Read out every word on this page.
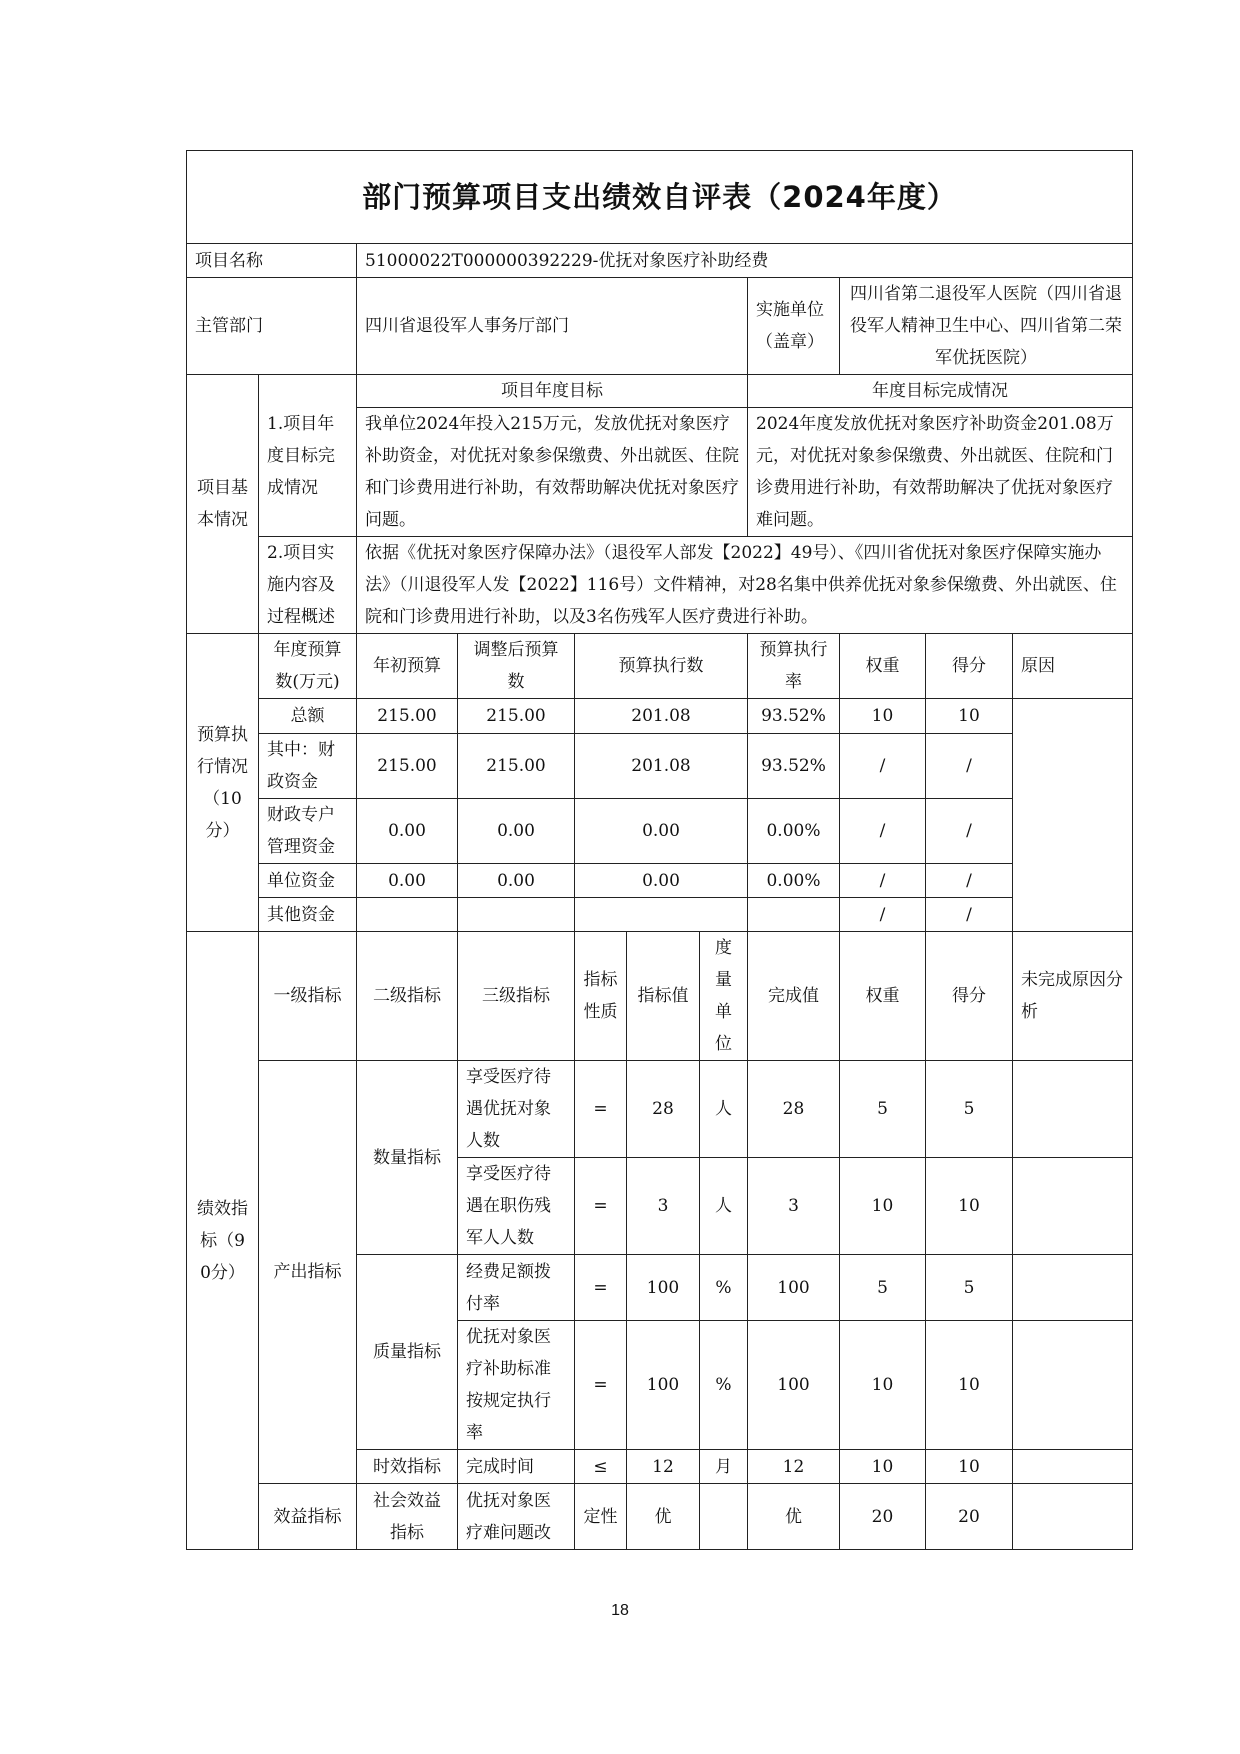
部门预算项目支出绩效自评表（2024年度）										
项目名称		51000022T000000392229-优抚对象医疗补助经费								
主管部门		四川省退役军人事务厅部门					实施单位（盖章）	四川省第二退役军人医院（四川省退役军人精神卫生中心、四川省第二荣军优抚医院）		
项目基本情况	1.项目年度目标完成情况	项目年度目标					年度目标完成情况			
		我单位2024年投入215万元，发放优抚对象医疗补助资金，对优抚对象参保缴费、外出就医、住院和门诊费用进行补助，有效帮助解决优抚对象医疗问题。					2024年度发放优抚对象医疗补助资金201.08万元，对优抚对象参保缴费、外出就医、住院和门诊费用进行补助，有效帮助解决了优抚对象医疗难问题。			
	2.项目实施内容及过程概述	依据《优抚对象医疗保障办法》（退役军人部发【2022】49号）、《四川省优抚对象医疗保障实施办法》（川退役军人发【2022】116号）文件精神，对28名集中供养优抚对象参保缴费、外出就医、住院和门诊费用进行补助，以及3名伤残军人医疗费进行补助。								
预算执行情况（10分）	年度预算数(万元)	年初预算	调整后预算数	预算执行数			预算执行率	权重	得分	原因
	总额	215.00	215.00	201.08			93.52%	10	10	
	其中：财政资金	215.00	215.00	201.08			93.52%	/	/	
	财政专户管理资金	0.00	0.00	0.00			0.00%	/	/	
	单位资金	0.00	0.00	0.00			0.00%	/	/	
	其他资金							/	/	
绩效指标（90分）	一级指标	二级指标	三级指标	指标性质	指标值	度量单位	完成值	权重	得分	未完成原因分析
	产出指标	数量指标	享受医疗待遇优抚对象人数	=	28	人	28	5	5	
			享受医疗待遇在职伤残军人人数	=	3	人	3	10	10	
		质量指标	经费足额拨付率	=	100	%	100	5	5	
			优抚对象医疗补助标准按规定执行率	=	100	%	100	10	10	
		时效指标	完成时间	≤	12	月	12	10	10	
	效益指标	社会效益指标	优抚对象医疗难问题改	定性	优		优	20	20	
18
